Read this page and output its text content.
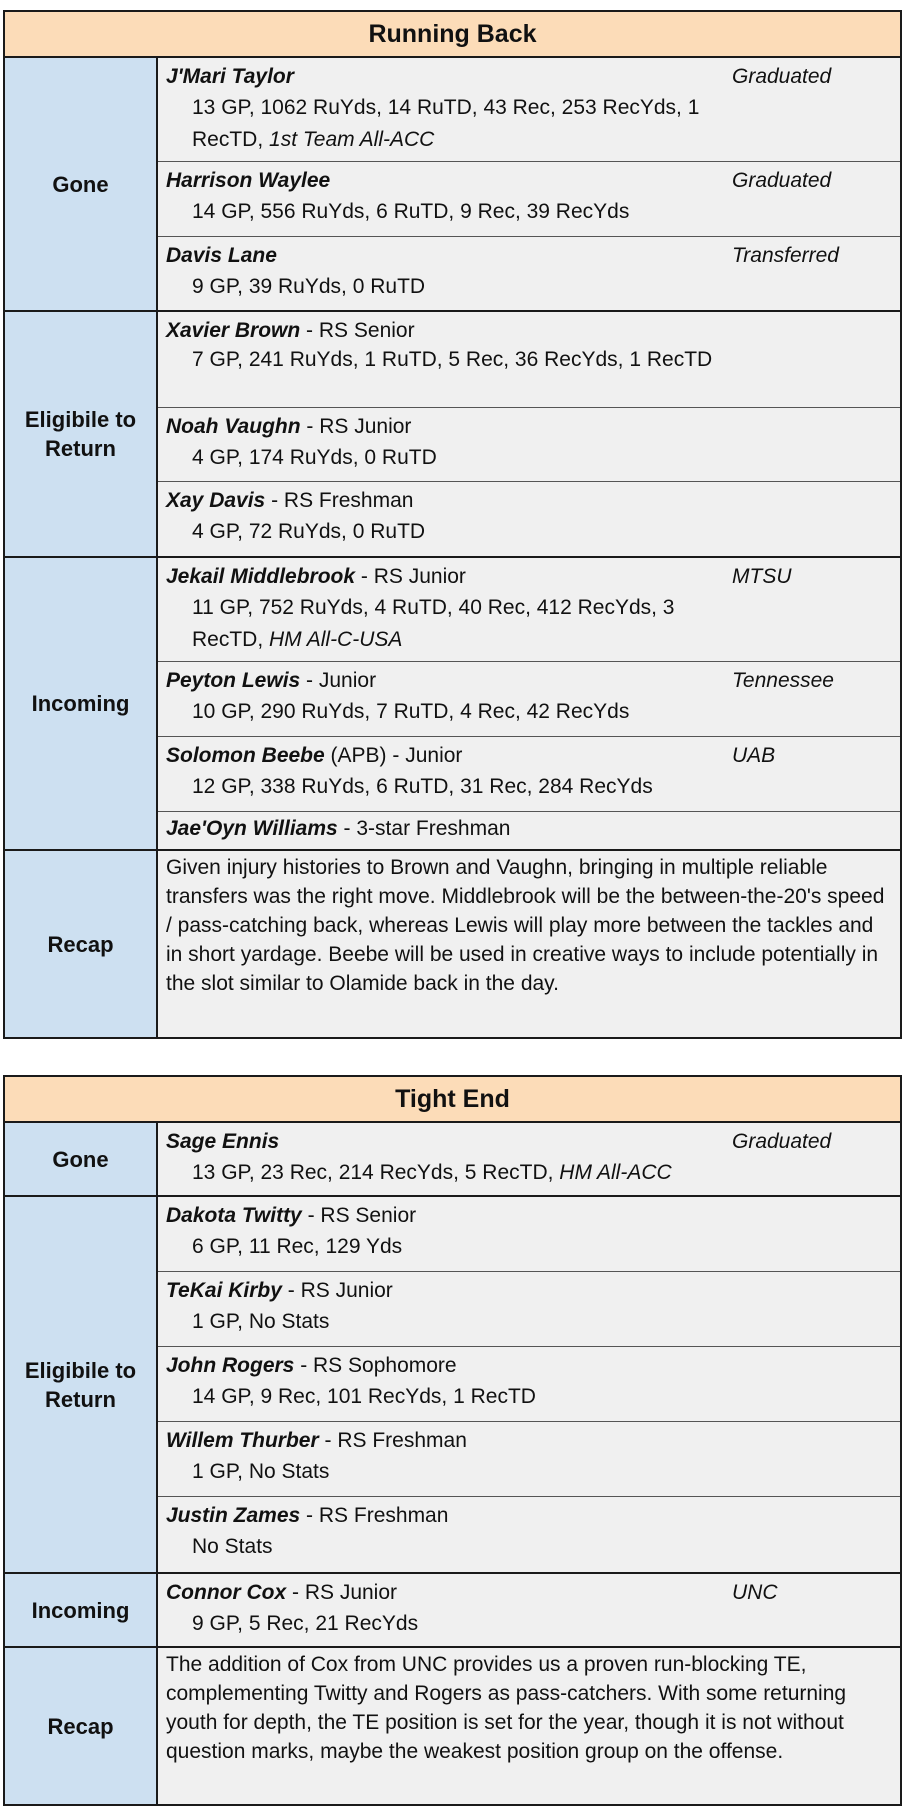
Running Back
Gone
J'Mari Taylor	Graduated
13 GP, 1062 RuYds, 14 RuTD, 43 Rec, 253 RecYds, 1 RecTD, 1st Team All-ACC
Harrison Waylee	Graduated
14 GP, 556 RuYds, 6 RuTD, 9 Rec, 39 RecYds
Davis Lane	Transferred
9 GP, 39 RuYds, 0 RuTD
Eligibile to Return
Xavier Brown - RS Senior
7 GP, 241 RuYds, 1 RuTD, 5 Rec, 36 RecYds, 1 RecTD
Noah Vaughn - RS Junior
4 GP, 174 RuYds, 0 RuTD
Xay Davis - RS Freshman
4 GP, 72 RuYds, 0 RuTD
Incoming
Jekail Middlebrook - RS Junior	MTSU
11 GP, 752 RuYds, 4 RuTD, 40 Rec, 412 RecYds, 3 RecTD, HM All-C-USA
Peyton Lewis - Junior	Tennessee
10 GP, 290 RuYds, 7 RuTD, 4 Rec, 42 RecYds
Solomon Beebe (APB) - Junior	UAB
12 GP, 338 RuYds, 6 RuTD, 31 Rec, 284 RecYds
Jae'Oyn Williams - 3-star Freshman
Recap
Given injury histories to Brown and Vaughn, bringing in multiple reliable transfers was the right move. Middlebrook will be the between-the-20's speed / pass-catching back, whereas Lewis will play more between the tackles and in short yardage. Beebe will be used in creative ways to include potentially in the slot similar to Olamide back in the day.
Tight End
Gone
Sage Ennis	Graduated
13 GP, 23 Rec, 214 RecYds, 5 RecTD, HM All-ACC
Eligibile to Return
Dakota Twitty - RS Senior
6 GP, 11 Rec, 129 Yds
TeKai Kirby - RS Junior
1 GP, No Stats
John Rogers - RS Sophomore
14 GP, 9 Rec, 101 RecYds, 1 RecTD
Willem Thurber - RS Freshman
1 GP, No Stats
Justin Zames - RS Freshman
No Stats
Incoming
Connor Cox - RS Junior	UNC
9 GP, 5 Rec, 21 RecYds
Recap
The addition of Cox from UNC provides us a proven run-blocking TE, complementing Twitty and Rogers as pass-catchers. With some returning youth for depth, the TE position is set for the year, though it is not without question marks, maybe the weakest position group on the offense.
